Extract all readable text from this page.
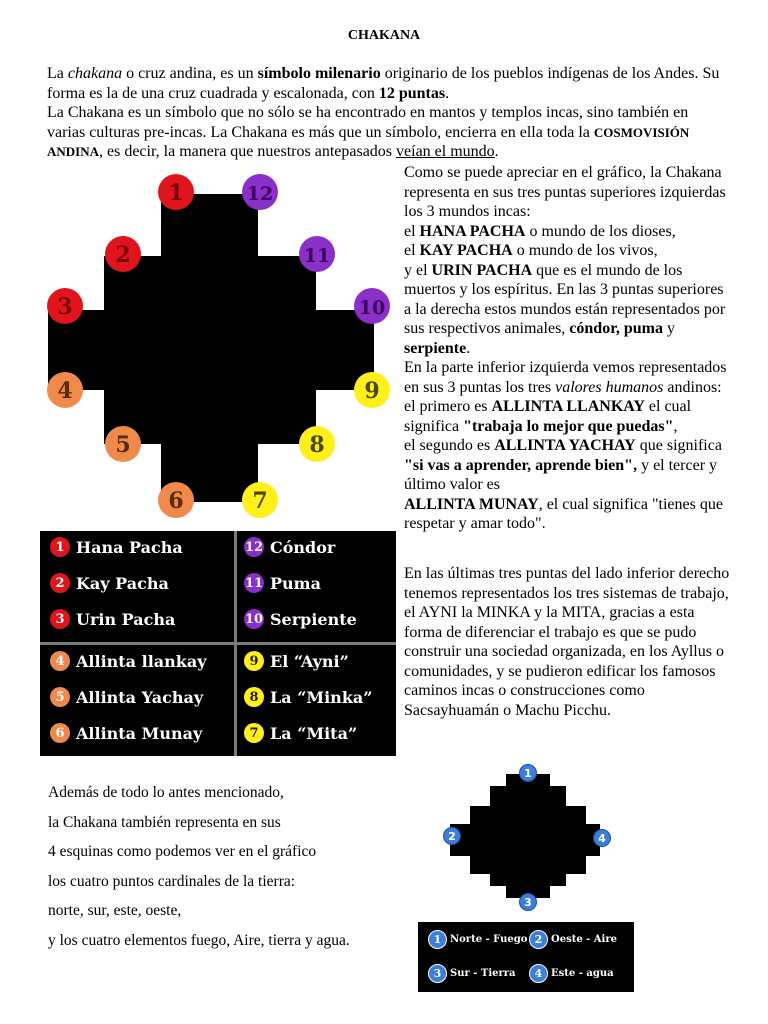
CHAKANA
La chakana o cruz andina, es un símbolo milenario originario de los pueblos indígenas de los Andes. Su forma es la de una cruz cuadrada y escalonada, con 12 puntas.
La Chakana es un símbolo que no sólo se ha encontrado en mantos y templos incas, sino también en varias culturas pre-incas. La Chakana es más que un símbolo, encierra en ella toda la COSMOVISIÓN ANDINA, es decir, la manera que nuestros antepasados veían el mundo.
1
2
3
4
5
6	7
8
9
10
11
12
1 Hana Pacha	12 Cóndor
2 Kay Pacha	11 Puma
3 Urin Pacha	10 Serpiente
4 Allinta llankay	9 El “Ayni”
5 Allinta Yachay	8 La “Minka”
6 Allinta Munay	7 La “Mita”
Como se puede apreciar en el gráfico, la Chakana representa en sus tres puntas superiores izquierdas los 3 mundos incas:
el HANA PACHA o mundo de los dioses,
el KAY PACHA o mundo de los vivos,
y el URIN PACHA que es el mundo de los muertos y los espíritus. En las 3 puntas superiores a la derecha estos mundos están representados por sus respectivos animales, cóndor, puma y serpiente.
En la parte inferior izquierda vemos representados en sus 3 puntas los tres valores humanos andinos: el primero es ALLINTA LLANKAY el cual significa "trabaja lo mejor que puedas",
el segundo es ALLINTA YACHAY que significa "si vas a aprender, aprende bien", y el tercer y último valor es
ALLINTA MUNAY, el cual significa "tienes que respetar y amar todo".
En las últimas tres puntas del lado inferior derecho tenemos representados los tres sistemas de trabajo, el AYNI la MINKA y la MITA, gracias a esta forma de diferenciar el trabajo es que se pudo construir una sociedad organizada, en los Ayllus o comunidades, y se pudieron edificar los famosos caminos incas o construcciones como Sacsayhuamán o Machu Picchu.
Además de todo lo antes mencionado,
la Chakana también representa en sus
4 esquinas como podemos ver en el gráfico
los cuatro puntos cardinales de la tierra:
norte, sur, este, oeste,
y los cuatro elementos fuego, Aire, tierra y agua.
1
2
3
4
1 Norte - Fuego 2 Oeste - Aire
3 Sur - Tierra	4 Este - agua
